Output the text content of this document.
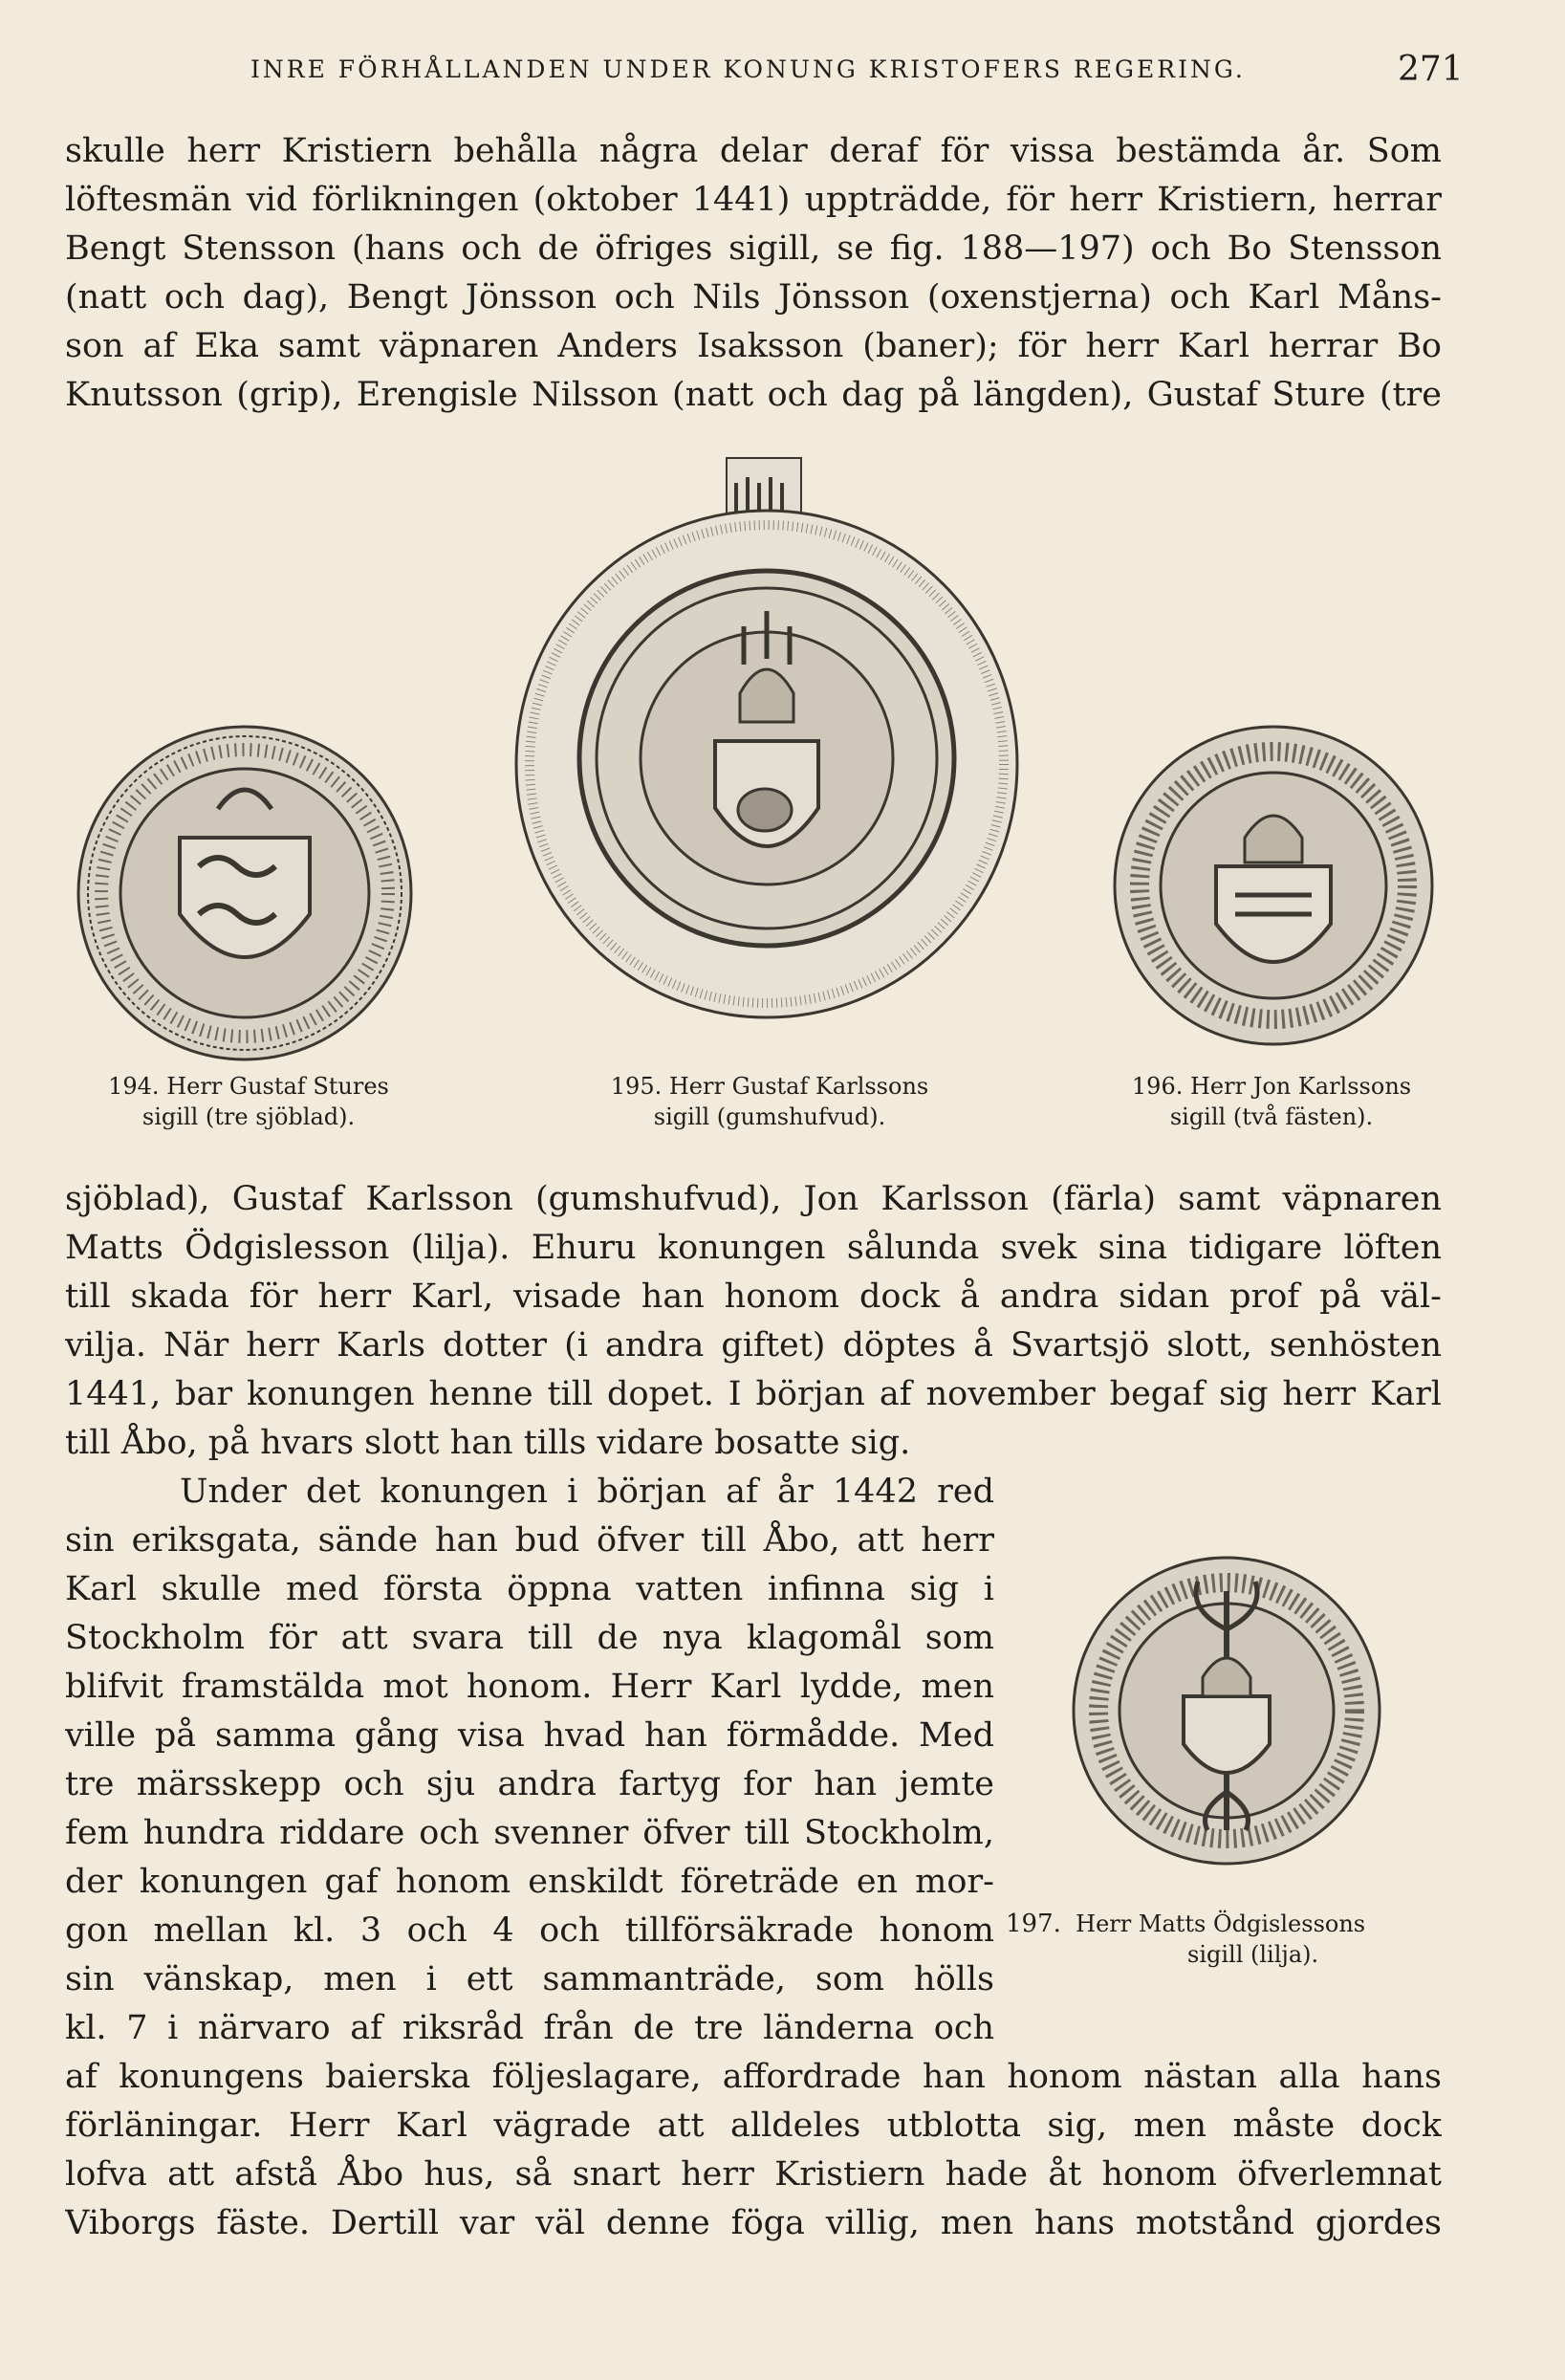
INRE FÖRHÅLLANDEN UNDER KONUNG KRISTOFERS REGERING.	271
skulle herr Kristiern behålla några delar deraf för vissa bestämda år. Som
löftesmän vid förlikningen (oktober 1441) uppträdde, för herr Kristiern, herrar
Bengt Stensson (hans och de öfriges sigill, se fig. 188—197) och Bo Stensson
(natt och dag), Bengt Jönsson och Nils Jönsson (oxenstjerna) och Karl Måns-
son af Eka samt väpnaren Anders Isaksson (baner); för herr Karl herrar Bo
Knutsson (grip), Erengisle Nilsson (natt och dag på längden), Gustaf Sture (tre
194. Herr Gustaf Stures
sigill (tre sjöblad).
195. Herr Gustaf Karlssons
sigill (gumshufvud).
196. Herr Jon Karlssons
sigill (två fästen).
sjöblad), Gustaf Karlsson (gumshufvud), Jon Karlsson (färla) samt väpnaren
Matts Ödgislesson (lilja). Ehuru konungen sålunda svek sina tidigare löften
till skada för herr Karl, visade han honom dock å andra sidan prof på väl-
vilja. När herr Karls dotter (i andra giftet) döptes å Svartsjö slott, senhösten
1441, bar konungen henne till dopet. I början af november begaf sig herr Karl
till Åbo, på hvars slott han tills vidare bosatte sig.
Under det konungen i början af år 1442 red
sin eriksgata, sände han bud öfver till Åbo, att herr
Karl skulle med första öppna vatten infinna sig i
Stockholm för att svara till de nya klagomål som
blifvit framstälda mot honom. Herr Karl lydde, men
ville på samma gång visa hvad han förmådde. Med
tre märsskepp och sju andra fartyg for han jemte
fem hundra riddare och svenner öfver till Stockholm,
der konungen gaf honom enskildt företräde en mor-
gon mellan kl. 3 och 4 och tillförsäkrade honom
sin vänskap, men i ett sammanträde, som hölls
kl. 7 i närvaro af riksråd från de tre länderna och
197. Herr Matts Ödgislessons
sigill (lilja).
af konungens baierska följeslagare, affordrade han honom nästan alla hans
förläningar. Herr Karl vägrade att alldeles utblotta sig, men måste dock
lofva att afstå Åbo hus, så snart herr Kristiern hade åt honom öfverlemnat
Viborgs fäste. Dertill var väl denne föga villig, men hans motstånd gjordes
